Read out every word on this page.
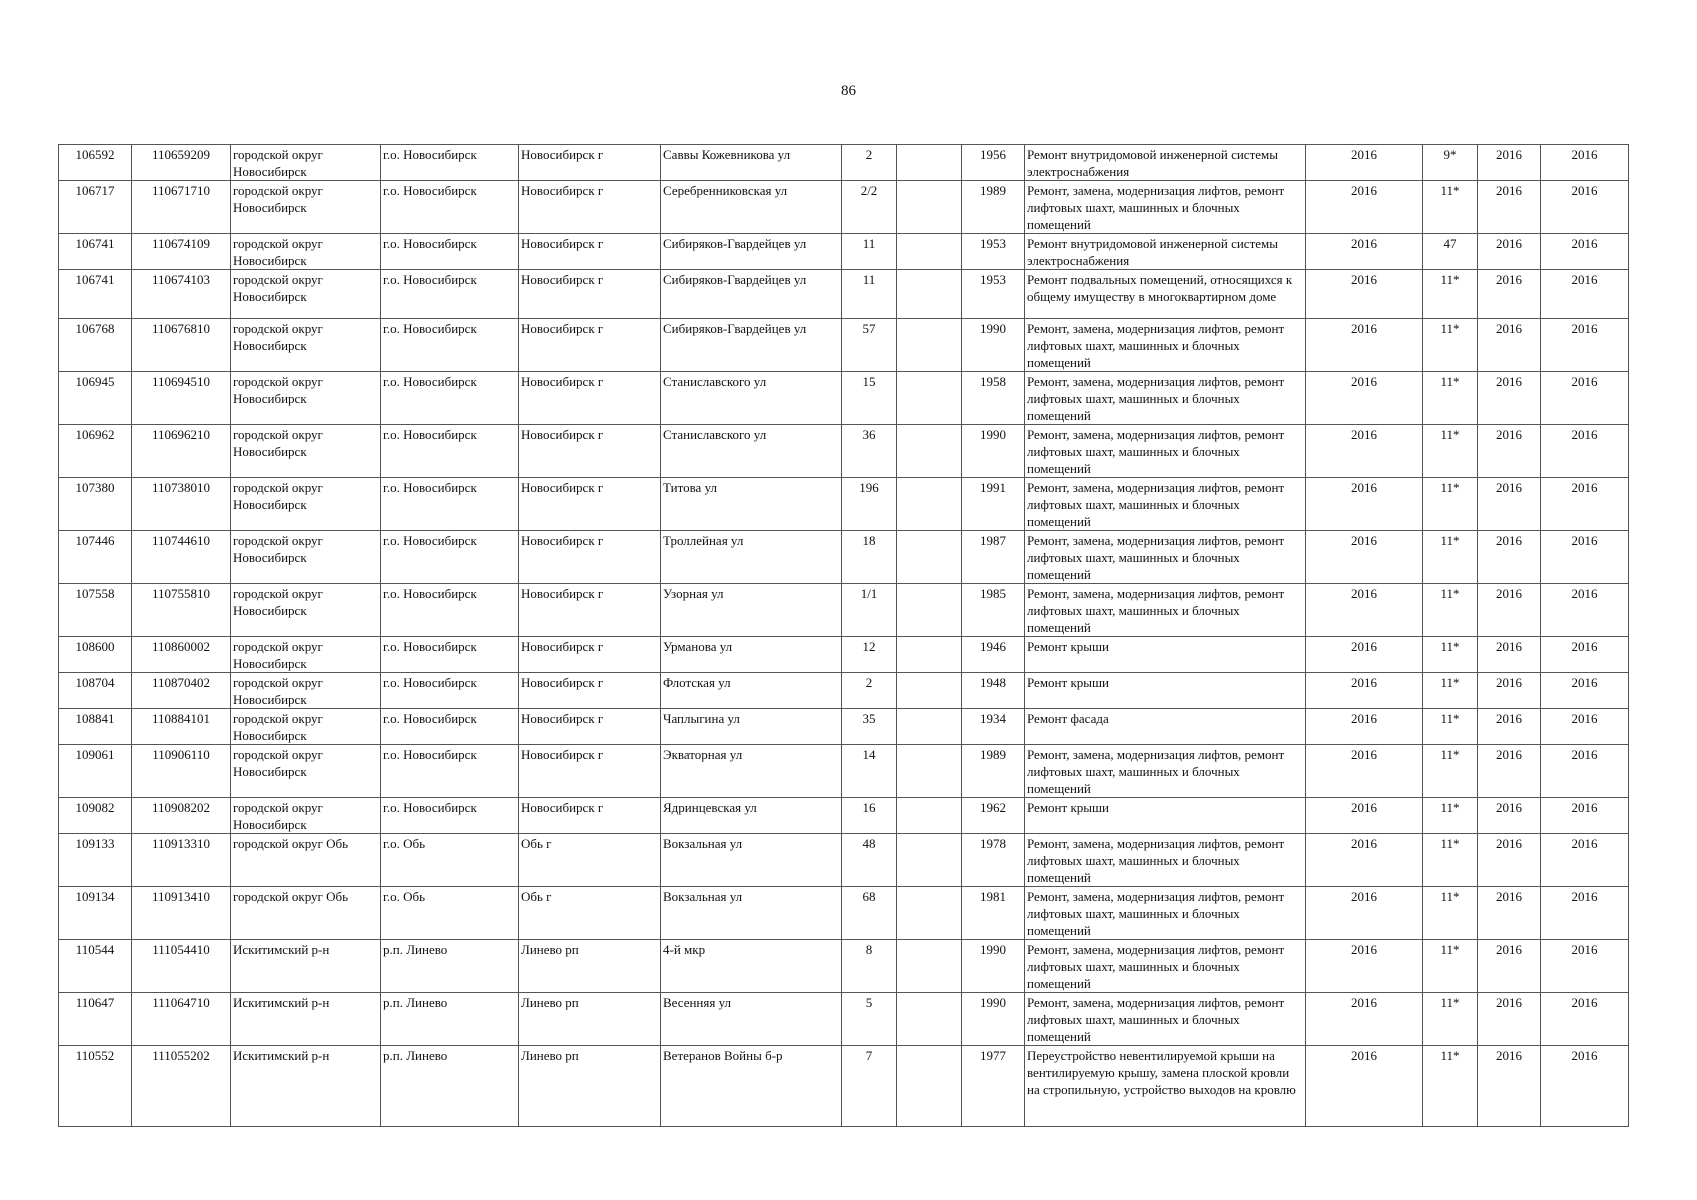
86
106592	110659209	городской округ Новосибирск	г.о. Новосибирск	Новосибирск г	Саввы Кожевникова ул	2		1956	Ремонт внутридомовой инженерной системы электроснабжения	2016	9*	2016	2016
106717	110671710	городской округ Новосибирск	г.о. Новосибирск	Новосибирск г	Серебренниковская ул	2/2		1989	Ремонт, замена, модернизация лифтов, ремонт лифтовых шахт, машинных и блочных помещений	2016	11*	2016	2016
106741	110674109	городской округ Новосибирск	г.о. Новосибирск	Новосибирск г	Сибиряков-Гвардейцев ул	11		1953	Ремонт внутридомовой инженерной системы электроснабжения	2016	47	2016	2016
106741	110674103	городской округ Новосибирск	г.о. Новосибирск	Новосибирск г	Сибиряков-Гвардейцев ул	11		1953	Ремонт подвальных помещений, относящихся к общему имуществу в многоквартирном доме	2016	11*	2016	2016
106768	110676810	городской округ Новосибирск	г.о. Новосибирск	Новосибирск г	Сибиряков-Гвардейцев ул	57		1990	Ремонт, замена, модернизация лифтов, ремонт лифтовых шахт, машинных и блочных помещений	2016	11*	2016	2016
106945	110694510	городской округ Новосибирск	г.о. Новосибирск	Новосибирск г	Станиславского ул	15		1958	Ремонт, замена, модернизация лифтов, ремонт лифтовых шахт, машинных и блочных помещений	2016	11*	2016	2016
106962	110696210	городской округ Новосибирск	г.о. Новосибирск	Новосибирск г	Станиславского ул	36		1990	Ремонт, замена, модернизация лифтов, ремонт лифтовых шахт, машинных и блочных помещений	2016	11*	2016	2016
107380	110738010	городской округ Новосибирск	г.о. Новосибирск	Новосибирск г	Титова ул	196		1991	Ремонт, замена, модернизация лифтов, ремонт лифтовых шахт, машинных и блочных помещений	2016	11*	2016	2016
107446	110744610	городской округ Новосибирск	г.о. Новосибирск	Новосибирск г	Троллейная ул	18		1987	Ремонт, замена, модернизация лифтов, ремонт лифтовых шахт, машинных и блочных помещений	2016	11*	2016	2016
107558	110755810	городской округ Новосибирск	г.о. Новосибирск	Новосибирск г	Узорная ул	1/1		1985	Ремонт, замена, модернизация лифтов, ремонт лифтовых шахт, машинных и блочных помещений	2016	11*	2016	2016
108600	110860002	городской округ Новосибирск	г.о. Новосибирск	Новосибирск г	Урманова ул	12		1946	Ремонт крыши	2016	11*	2016	2016
108704	110870402	городской округ Новосибирск	г.о. Новосибирск	Новосибирск г	Флотская ул	2		1948	Ремонт крыши	2016	11*	2016	2016
108841	110884101	городской округ Новосибирск	г.о. Новосибирск	Новосибирск г	Чаплыгина ул	35		1934	Ремонт фасада	2016	11*	2016	2016
109061	110906110	городской округ Новосибирск	г.о. Новосибирск	Новосибирск г	Экваторная ул	14		1989	Ремонт, замена, модернизация лифтов, ремонт лифтовых шахт, машинных и блочных помещений	2016	11*	2016	2016
109082	110908202	городской округ Новосибирск	г.о. Новосибирск	Новосибирск г	Ядринцевская ул	16		1962	Ремонт крыши	2016	11*	2016	2016
109133	110913310	городской округ Обь	г.о. Обь	Обь г	Вокзальная ул	48		1978	Ремонт, замена, модернизация лифтов, ремонт лифтовых шахт, машинных и блочных помещений	2016	11*	2016	2016
109134	110913410	городской округ Обь	г.о. Обь	Обь г	Вокзальная ул	68		1981	Ремонт, замена, модернизация лифтов, ремонт лифтовых шахт, машинных и блочных помещений	2016	11*	2016	2016
110544	111054410	Искитимский р-н	р.п. Линево	Линево рп	4-й мкр	8		1990	Ремонт, замена, модернизация лифтов, ремонт лифтовых шахт, машинных и блочных помещений	2016	11*	2016	2016
110647	111064710	Искитимский р-н	р.п. Линево	Линево рп	Весенняя ул	5		1990	Ремонт, замена, модернизация лифтов, ремонт лифтовых шахт, машинных и блочных помещений	2016	11*	2016	2016
110552	111055202	Искитимский р-н	р.п. Линево	Линево рп	Ветеранов Войны б-р	7		1977	Переустройство невентилируемой крыши на вентилируемую крышу, замена плоской кровли на стропильную, устройство выходов на кровлю	2016	11*	2016	2016
